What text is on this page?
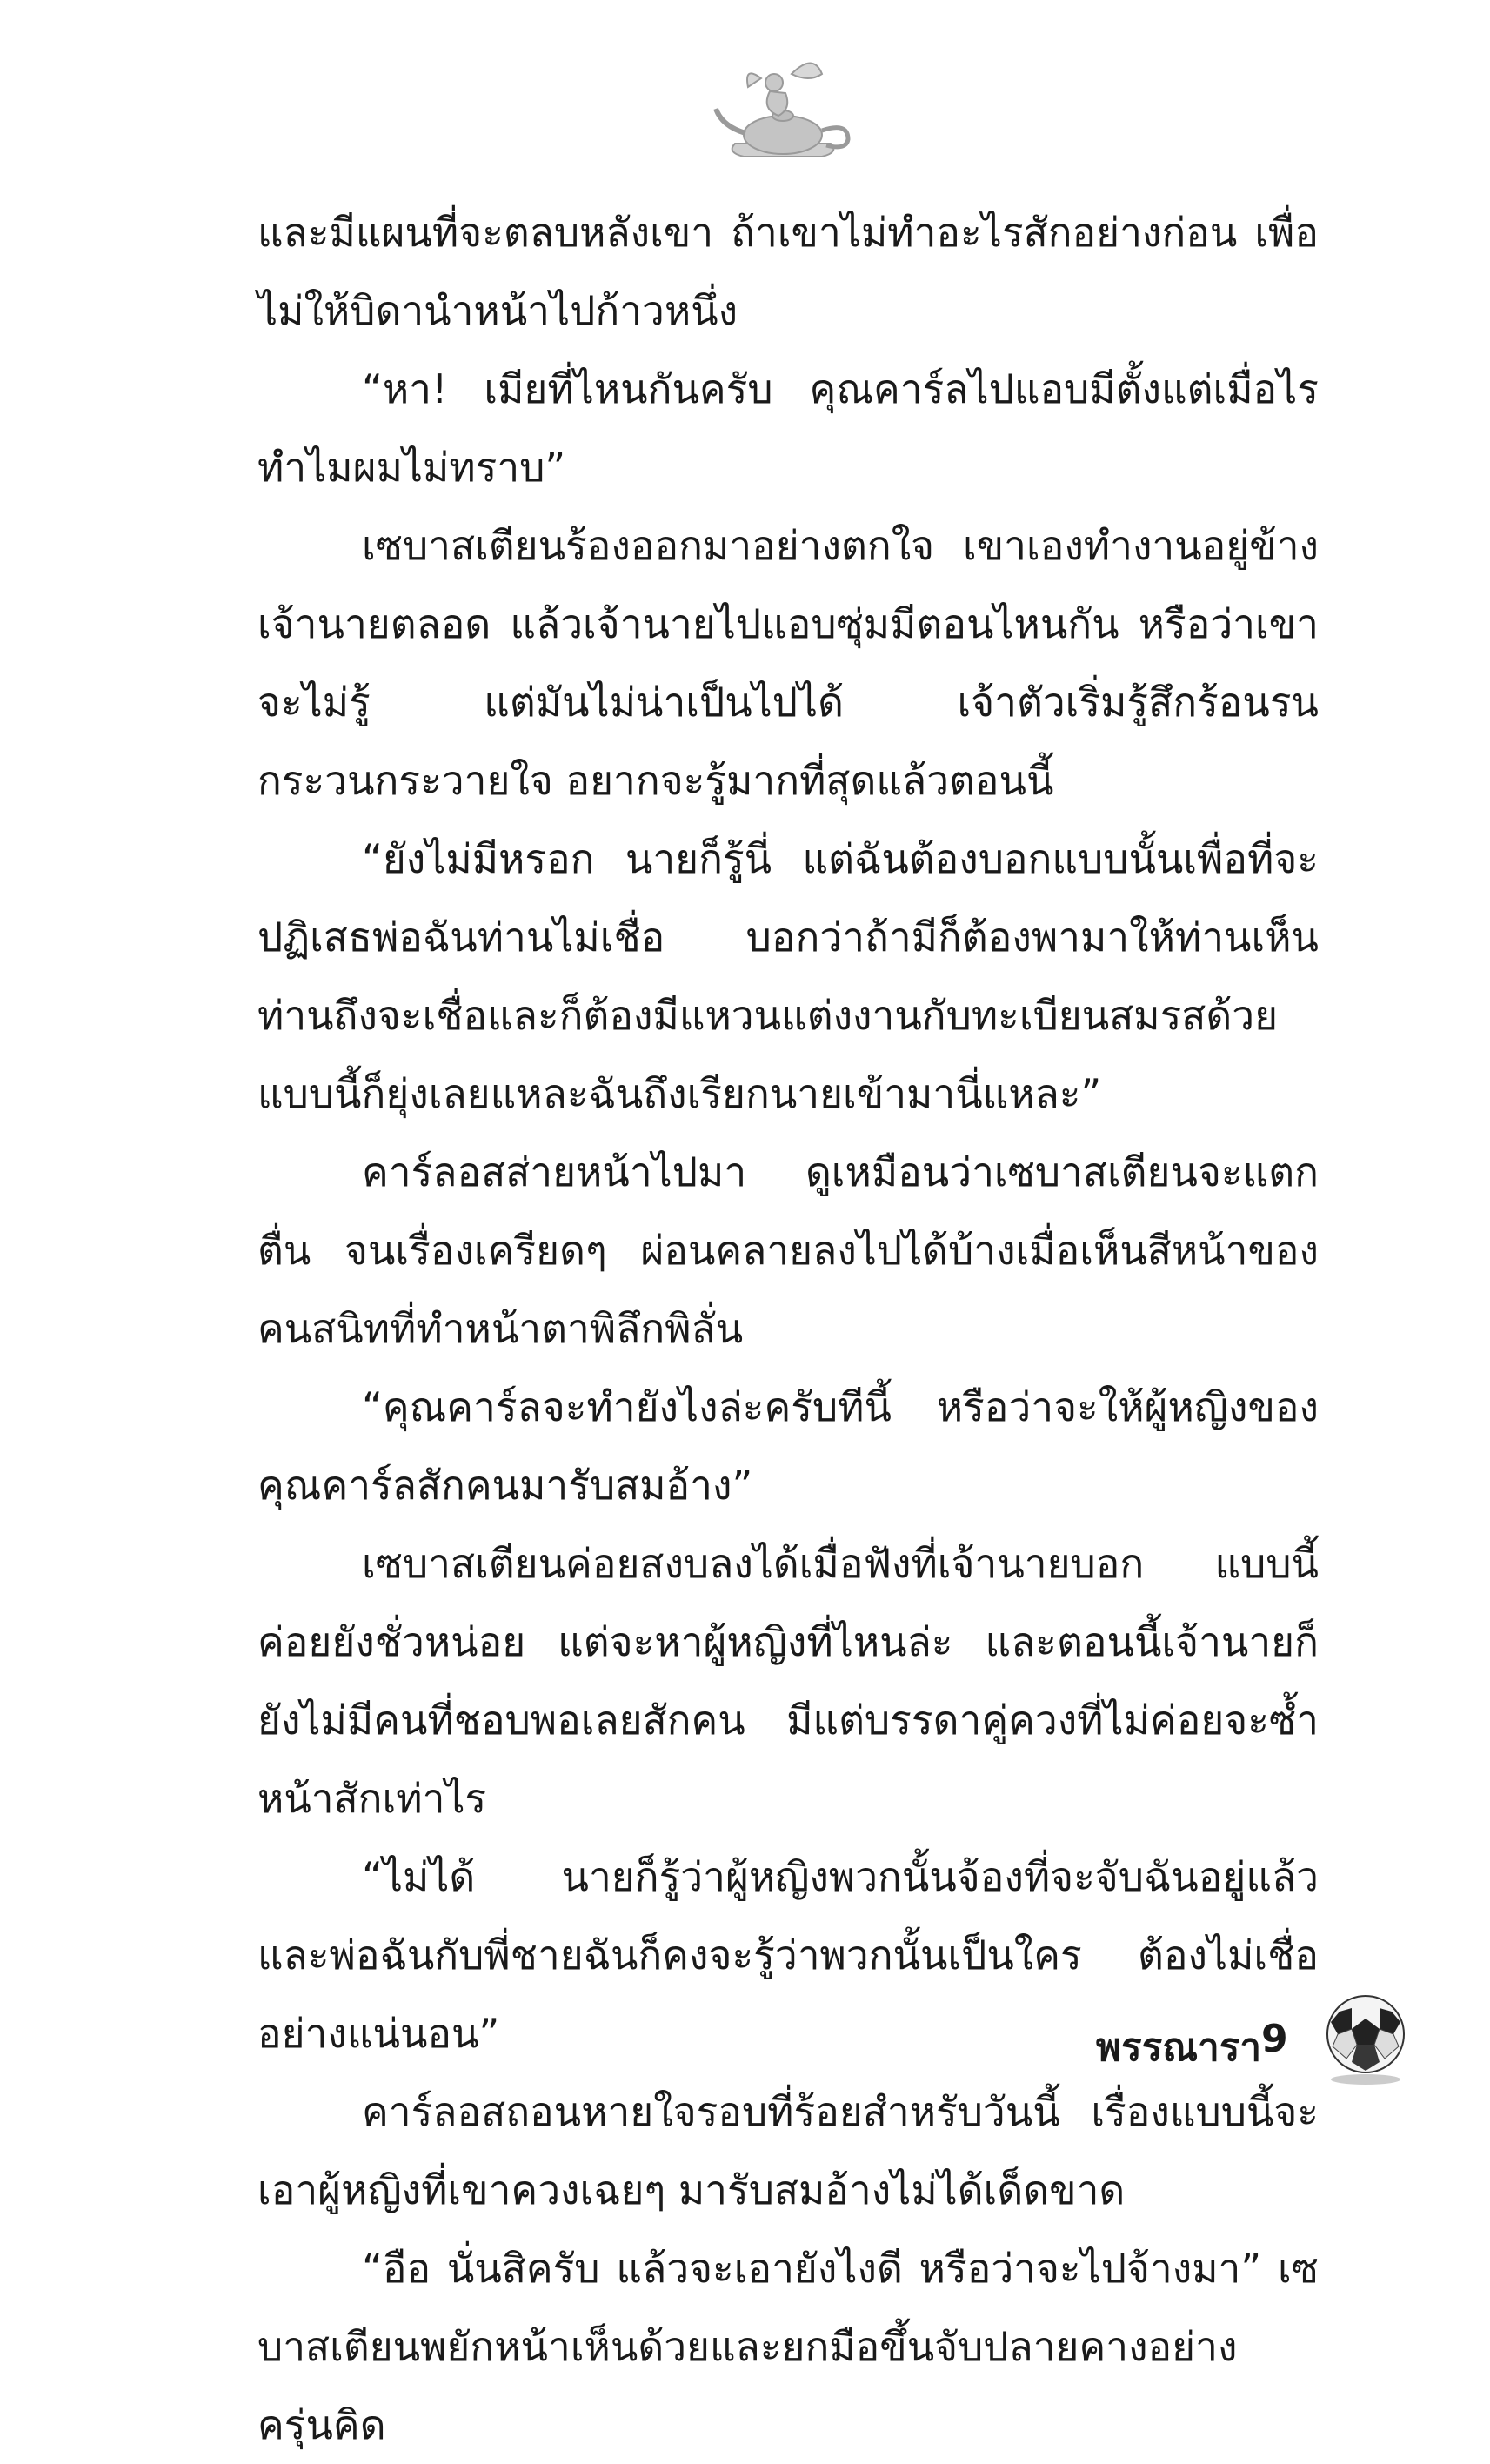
และมีแผนที่จะตลบหลังเขา ถ้าเขาไม่ทำอะไรสักอย่างก่อน เพื่อไม่ให้บิดานำหน้าไปก้าวหนึ่ง

“หา! เมียที่ไหนกันครับ คุณคาร์ลไปแอบมีตั้งแต่เมื่อไร ทำไมผมไม่ทราบ”

เซบาสเตียนร้องออกมาอย่างตกใจ เขาเองทำงานอยู่ข้างเจ้านายตลอด แล้วเจ้านายไปแอบซุ่มมีตอนไหนกัน หรือว่าเขาจะไม่รู้ แต่มันไม่น่าเป็นไปได้ เจ้าตัวเริ่มรู้สึกร้อนรนกระวนกระวายใจ อยากจะรู้มากที่สุดแล้วตอนนี้

“ยังไม่มีหรอก นายก็รู้นี่ แต่ฉันต้องบอกแบบนั้นเพื่อที่จะปฏิเสธพ่อฉันท่านไม่เชื่อ บอกว่าถ้ามีก็ต้องพามาให้ท่านเห็น ท่านถึงจะเชื่อและก็ต้องมีแหวนแต่งงานกับทะเบียนสมรสด้วย แบบนี้ก็ยุ่งเลยแหละฉันถึงเรียกนายเข้ามานี่แหละ”

คาร์ลอสส่ายหน้าไปมา ดูเหมือนว่าเซบาสเตียนจะแตกตื่น จนเรื่องเครียดๆ ผ่อนคลายลงไปได้บ้างเมื่อเห็นสีหน้าของคนสนิทที่ทำหน้าตาพิลึกพิลั่น

“คุณคาร์ลจะทำยังไงล่ะครับทีนี้ หรือว่าจะให้ผู้หญิงของคุณคาร์ลสักคนมารับสมอ้าง”

เซบาสเตียนค่อยสงบลงได้เมื่อฟังที่เจ้านายบอก แบบนี้ค่อยยังชั่วหน่อย แต่จะหาผู้หญิงที่ไหนล่ะ และตอนนี้เจ้านายก็ยังไม่มีคนที่ชอบพอเลยสักคน มีแต่บรรดาคู่ควงที่ไม่ค่อยจะซ้ำหน้าสักเท่าไร

“ไม่ได้ นายก็รู้ว่าผู้หญิงพวกนั้นจ้องที่จะจับฉันอยู่แล้ว และพ่อฉันกับพี่ชายฉันก็คงจะรู้ว่าพวกนั้นเป็นใคร ต้องไม่เชื่ออย่างแน่นอน”

คาร์ลอสถอนหายใจรอบที่ร้อยสำหรับวันนี้ เรื่องแบบนี้จะเอาผู้หญิงที่เขาควงเฉยๆ มารับสมอ้างไม่ได้เด็ดขาด

“อือ นั่นสิครับ แล้วจะเอายังไงดี หรือว่าจะไปจ้างมา” เซบาสเตียนพยักหน้าเห็นด้วยและยกมือขึ้นจับปลายคางอย่างครุ่นคิด

พรรณารา 9
